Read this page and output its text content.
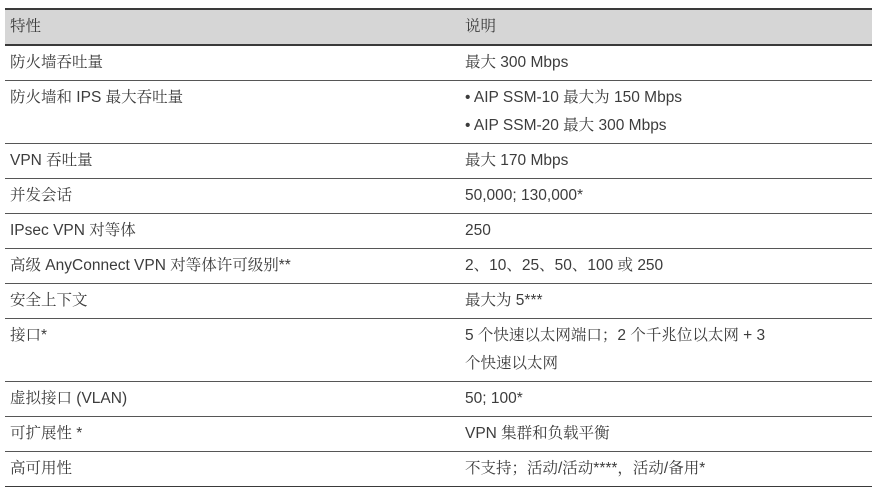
特性	说明
防火墙吞吐量	最大 300 Mbps

防火墙和 IPS 最大吞吐量	• AIP SSM-10 最大为 150 Mbps
• AIP SSM-20 最大 300 Mbps

VPN 吞吐量	最大 170 Mbps

并发会话	50,000; 130,000*

IPsec VPN 对等体	250

高级 AnyConnect VPN 对等体许可级别**	2、10、25、50、100 或 250

安全上下文	最大为 5***

接口*	5 个快速以太网端口；2 个千兆位以太网 + 3
个快速以太网

虚拟接口 (VLAN)	50; 100*

可扩展性 *	VPN 集群和负载平衡

高可用性	不支持；活动/活动****，活动/备用*
